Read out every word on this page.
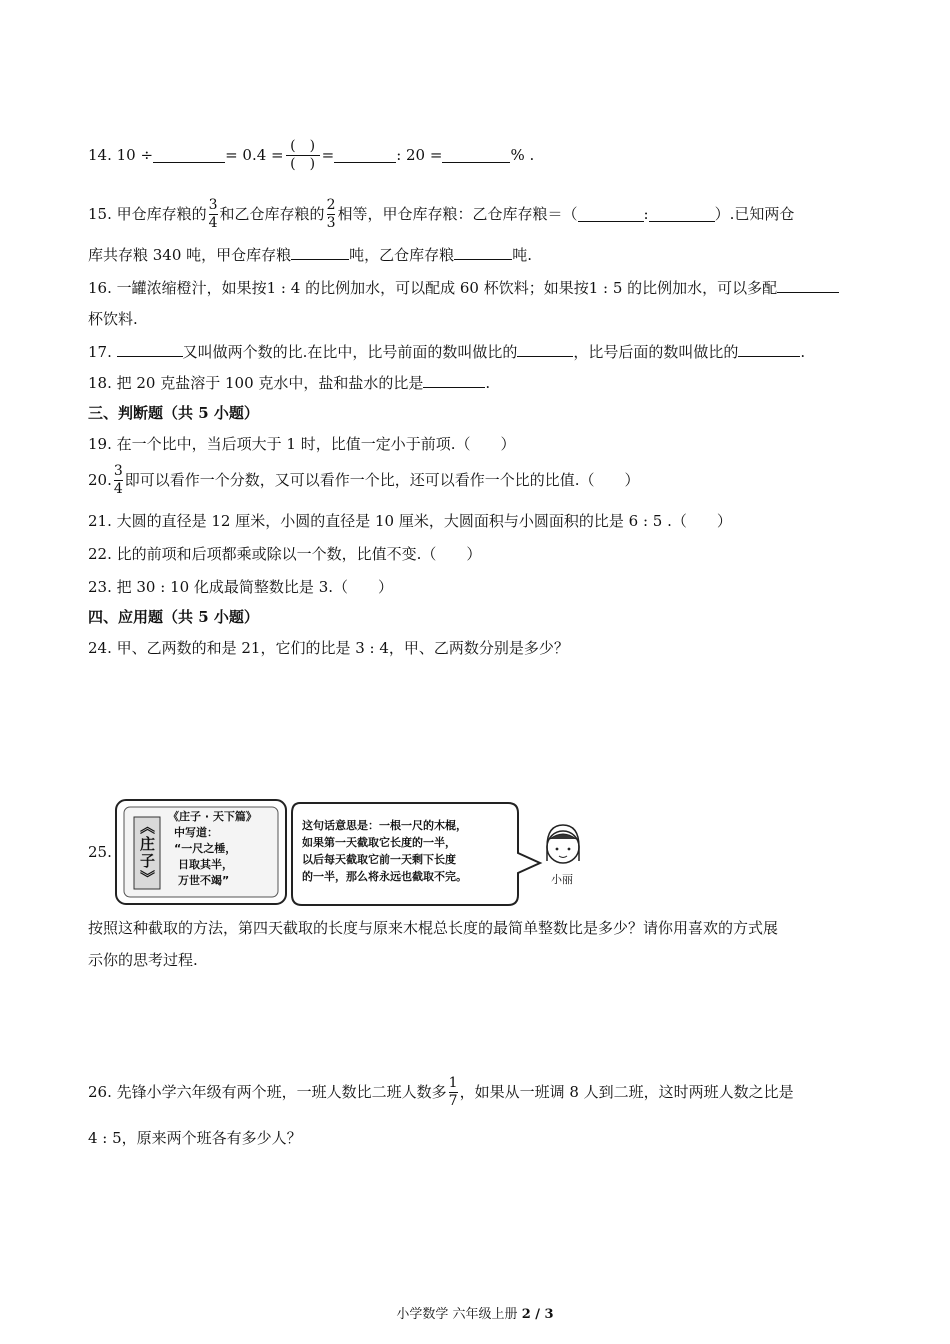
14. 10 ÷	= $0.4 = \frac{( )}{( )}$ =	: 20 =	% .
15. 甲仓库存粮的 $\frac{3}{4}$ 和乙仓库存粮的 $\frac{2}{3}$ 相等，甲仓库存粮：乙仓库存粮＝（	:	）.已知两仓
库共存粮 340 吨，甲仓库存粮	吨，乙仓库存粮	吨.
16. 一罐浓缩橙汁，如果按1 : 4 的比例加水，可以配成 60 杯饮料；如果按1 : 5 的比例加水，可以多配
杯饮料.
17.	又叫做两个数的比.在比中，比号前面的数叫做比的	，比号后面的数叫做比的	.
18. 把 20 克盐溶于 100 克水中，盐和盐水的比是	.
三、判断题（共 5 小题）
19. 在一个比中，当后项大于 1 时，比值一定小于前项.（　　）
20. $\frac{3}{4}$ 即可以看作一个分数，又可以看作一个比，还可以看作一个比的比值.（　　）
21. 大圆的直径是 12 厘米，小圆的直径是 10 厘米，大圆面积与小圆面积的比是 6 : 5 .（　　）
22. 比的前项和后项都乘或除以一个数，比值不变.（　　）
23. 把 30 : 10 化成最简整数比是 3.（　　）
四、应用题（共 5 小题）
24. 甲、乙两数的和是 21，它们的比是 3 : 4，甲、乙两数分别是多少？
25. 《庄子》
《庄子 · 天下篇》
中写道：
“一尺之棰，
日取其半，
万世不竭”
这句话意思是：一根一尺的木棍，
如果第一天截取它长度的一半，
以后每天截取它前一天剩下长度
的一半，那么将永远也截取不完。	小丽
按照这种截取的方法，第四天截取的长度与原来木棍总长度的最简单整数比是多少？请你用喜欢的方式展
示你的思考过程.
26. 先锋小学六年级有两个班，一班人数比二班人数多 $\frac{1}{7}$ ，如果从一班调 8 人到二班，这时两班人数之比是
4 : 5，原来两个班各有多少人？
小学数学 六年级上册 2 / 3
